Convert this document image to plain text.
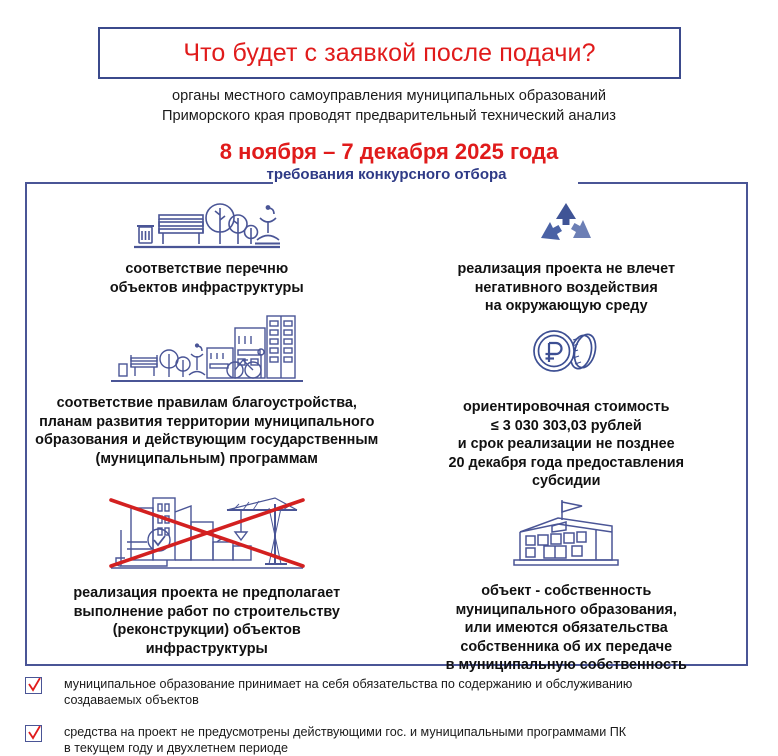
Что будет с заявкой после подачи?
органы местного самоуправления муниципальных образований
Приморского края проводят предварительный технический анализ
8 ноября – 7 декабря 2025 года
требования конкурсного отбора
соответствие перечню
объектов инфраструктуры
реализация проекта не влечет
негативного воздействия
на окружающую среду
соответствие правилам благоустройства,
планам развития территории муниципального
образования и действующим государственным
(муниципальным) программам
ориентировочная стоимость
≤ 3 030 303,03 рублей
и срок реализации не позднее
20 декабря года предоставления
субсидии
реализация проекта не предполагает
выполнение работ по строительству
(реконструкции) объектов
инфраструктуры
объект - собственность
муниципального образования,
или имеются обязательства
собственника об их передаче
в муниципальную собственность
муниципальное образование принимает на себя обязательства по содержанию и обслуживанию
создаваемых объектов
средства на проект не предусмотрены действующими гос. и муниципальными программами ПК
в текущем году и двухлетнем периоде
